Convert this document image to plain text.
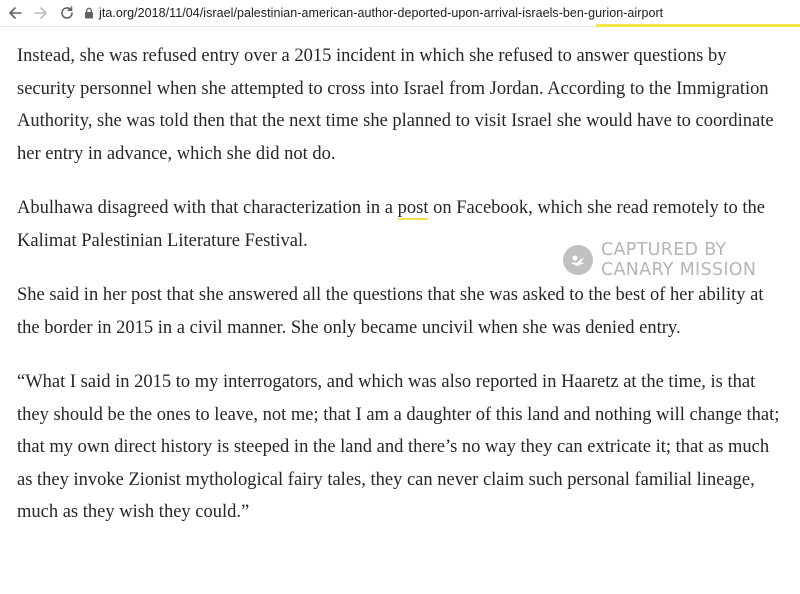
jta.org/2018/11/04/israel/palestinian-american-author-deported-upon-arrival-israels-ben-gurion-airport

Instead, she was refused entry over a 2015 incident in which she refused to answer questions by security personnel when she attempted to cross into Israel from Jordan. According to the Immigration Authority, she was told then that the next time she planned to visit Israel she would have to coordinate her entry in advance, which she did not do.

Abulhawa disagreed with that characterization in a post on Facebook, which she read remotely to the Kalimat Palestinian Literature Festival.

She said in her post that she answered all the questions that she was asked to the best of her ability at the border in 2015 in a civil manner. She only became uncivil when she was denied entry.

“What I said in 2015 to my interrogators, and which was also reported in Haaretz at the time, is that they should be the ones to leave, not me; that I am a daughter of this land and nothing will change that; that my own direct history is steeped in the land and there’s no way they can extricate it; that as much as they invoke Zionist mythological fairy tales, they can never claim such personal familial lineage, much as they wish they could.”

CAPTURED BY
CANARY MISSION
